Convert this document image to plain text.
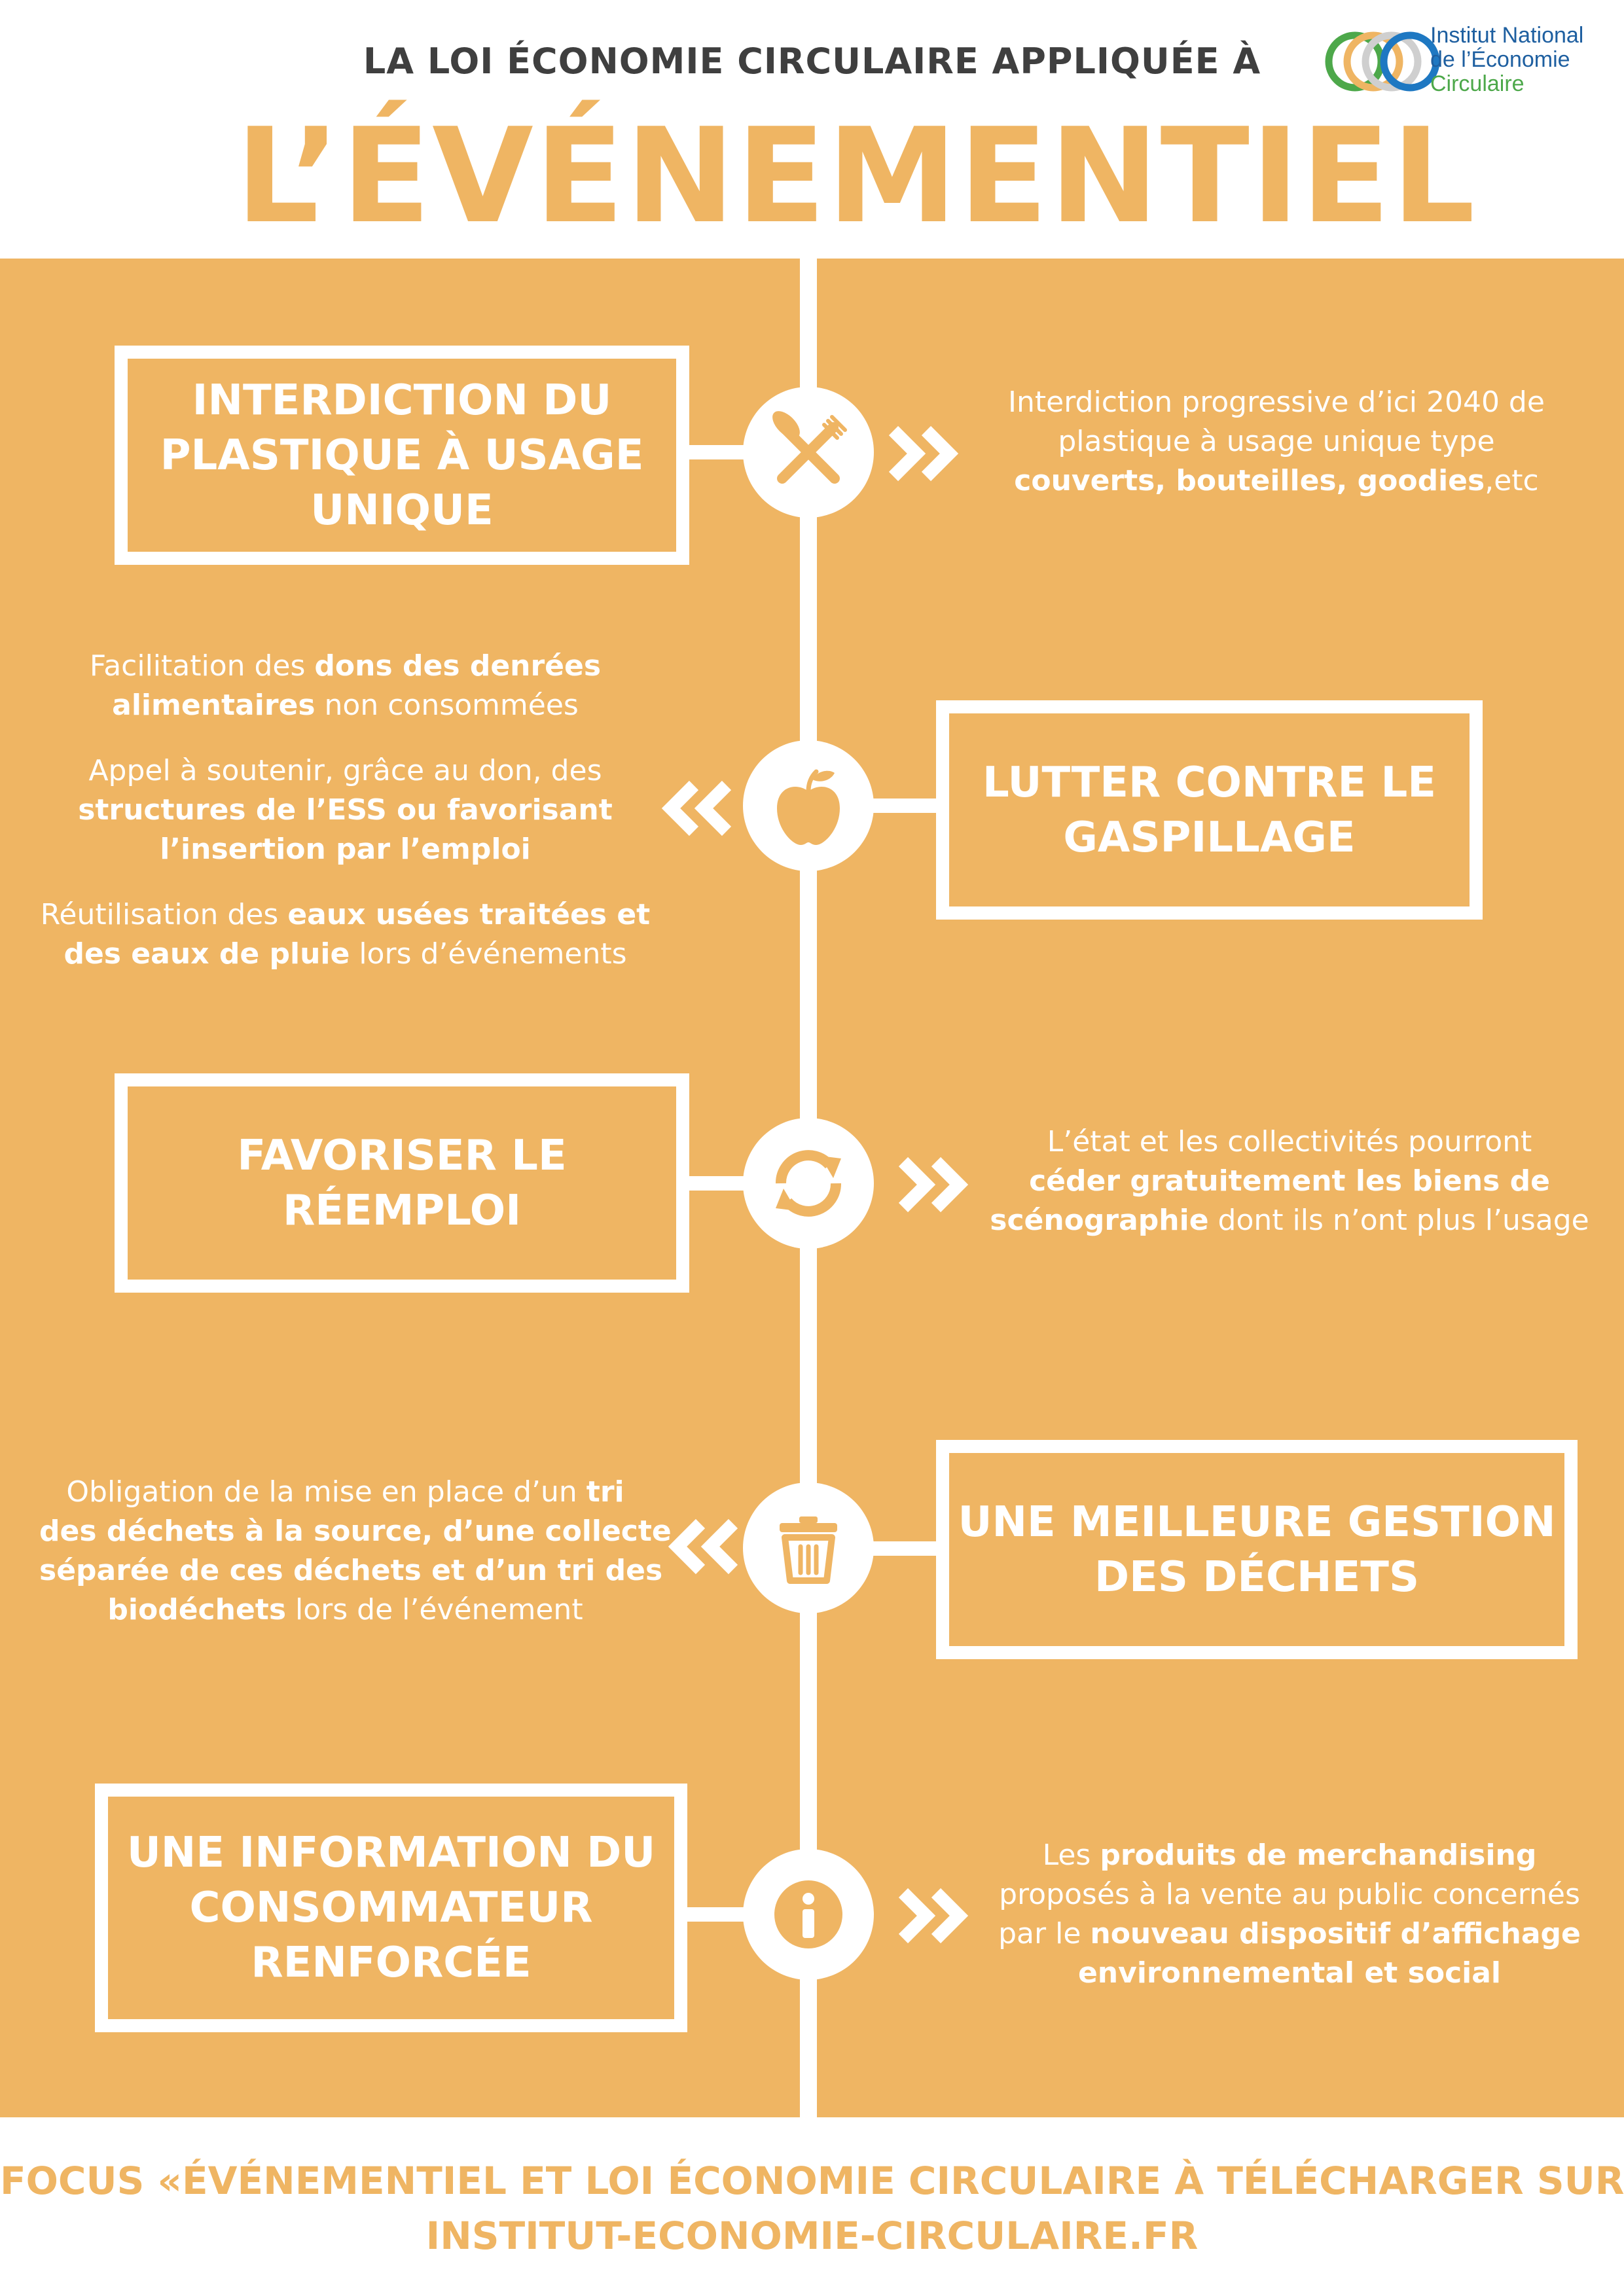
LA LOI ÉCONOMIE CIRCULAIRE APPLIQUÉE À
L’ÉVÉNEMENTIEL
Institut National
de l’Économie
Circulaire
INTERDICTION DU
PLASTIQUE À USAGE
UNIQUE

Interdiction progressive d’ici 2040 de

plastique à usage unique type

couverts, bouteilles, goodies,etc

LUTTER CONTRE LE
GASPILLAGE

Facilitation des dons des denrées

alimentaires non consommées

Appel à soutenir, grâce au don, des

structures de l’ESS ou favorisant

l’insertion par l’emploi

Réutilisation des eaux usées traitées et

des eaux de pluie lors d’événements

FAVORISER LE
RÉEMPLOI

L’état et les collectivités pourront

céder gratuitement les biens de

scénographie dont ils n’ont plus l’usage

UNE MEILLEURE GESTION
DES DÉCHETS

Obligation de la mise en place d’un tri

des déchets à la source, d’une collecte

séparée de ces déchets et d’un tri des

biodéchets lors de l’événement

UNE INFORMATION DU
CONSOMMATEUR
RENFORCÉE

Les produits de merchandising

proposés à la vente au public concernés

par le nouveau dispositif d’affichage

environnemental et social

FOCUS «ÉVÉNEMENTIEL ET LOI ÉCONOMIE CIRCULAIRE À TÉLÉCHARGER SUR
INSTITUT-ECONOMIE-CIRCULAIRE.FR
